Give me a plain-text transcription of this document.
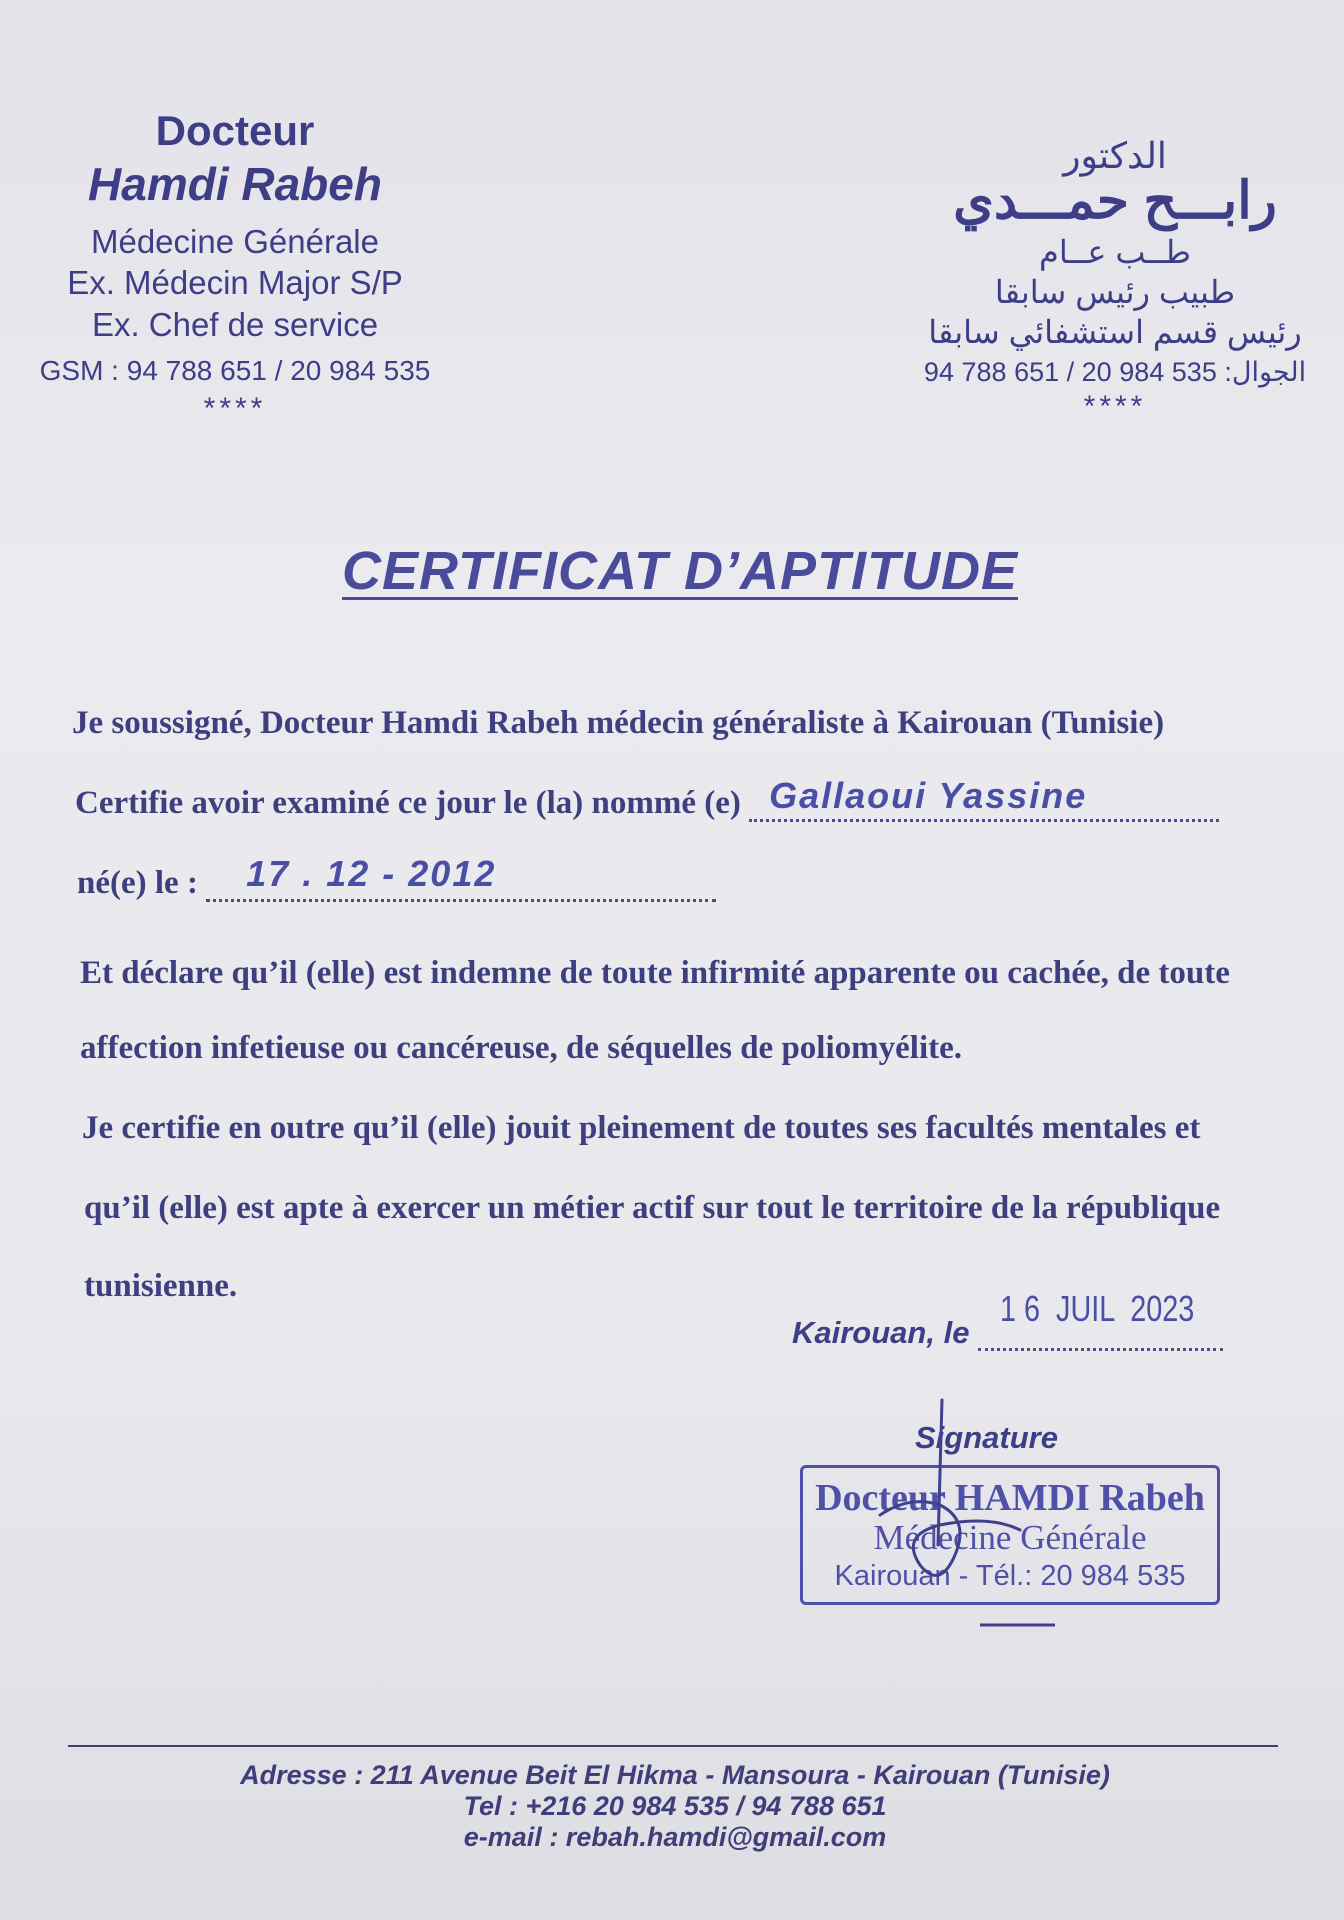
Docteur
Hamdi Rabeh
Médecine Générale
Ex. Médecin Major S/P
Ex. Chef de service
GSM : 94 788 651 / 20 984 535
****
الدكتور
رابـــح حمـــدي
طــب عــام
طبيب رئيس سابقا
رئيس قسم استشفائي سابقا
الجوال: 535 984 20 / 651 788 94
****
CERTIFICAT D’APTITUDE
Je soussigné, Docteur Hamdi Rabeh médecin généraliste à Kairouan (Tunisie)
Certifie avoir examiné ce jour le (la) nommé (e) Gallaoui Yassine
né(e) le : 17 . 12 - 2012
Et déclare qu’il (elle) est indemne de toute infirmité apparente ou cachée, de toute
affection infetieuse ou cancéreuse, de séquelles de poliomyélite.
Je certifie en outre qu’il (elle) jouit pleinement de toutes ses facultés mentales et
qu’il (elle) est apte à exercer un métier actif sur tout le territoire de la république
tunisienne.
Kairouan, le
1 6  JUIL  2023
Signature
Docteur HAMDI Rabeh
Médecine Générale
Kairouan - Tél.: 20 984 535
Adresse : 211 Avenue Beit El Hikma - Mansoura - Kairouan (Tunisie)
Tel : +216 20 984 535 / 94 788 651
e-mail : rebah.hamdi@gmail.com
